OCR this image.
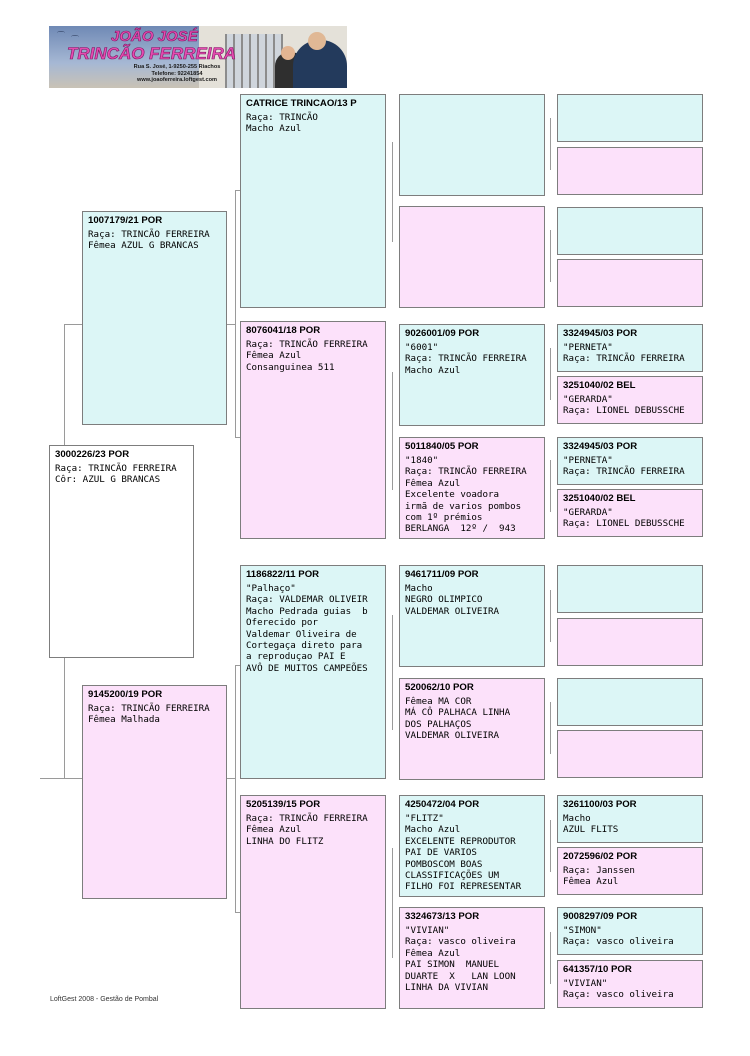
⌒ ⌒ JOÃO JOSÉ
TRINCÃO FERREIRA
Rua S. José, 1-9250-255 Riachos
Telefone: 92241854
www.joaoferreira.loftgest.com
3000226/23 POR
Raça: TRINCÃO FERREIRA
Côr: AZUL G BRANCAS
1007179/21 POR
Raça: TRINCÃO FERREIRA
Fêmea AZUL G BRANCAS
9145200/19 POR
Raça: TRINCÃO FERREIRA
Fêmea Malhada
CATRICE TRINCAO/13 P
Raça: TRINCÃO
Macho Azul
8076041/18 POR
Raça: TRINCÃO FERREIRA
Fêmea Azul
Consanguinea 511
1186822/11 POR
"Palhaço"
Raça: VALDEMAR OLIVEIR
Macho Pedrada guias  b
Oferecido por
Valdemar Oliveira de
Cortegaça direto para
a reproduçao PAI E
AVÔ DE MUITOS CAMPEÕES
5205139/15 POR
Raça: TRINCÃO FERREIRA
Fêmea Azul
LINHA DO FLITZ
9026001/09 POR
"6001"
Raça: TRINCÃO FERREIRA
Macho Azul
5011840/05 POR
"1840"
Raça: TRINCÃO FERREIRA
Fêmea Azul
Excelente voadora
irmã de varios pombos
com 1º prémios
BERLANGA  12º /  943
9461711/09 POR
Macho
NEGRO OLIMPICO
VALDEMAR OLIVEIRA
520062/10 POR
Fêmea MA COR
MÁ CÔ PALHACA LINHA
DOS PALHAÇOS
VALDEMAR OLIVEIRA
4250472/04 POR
"FLITZ"
Macho Azul
EXCELENTE REPRODUTOR
PAI DE VARIOS
POMBOSCOM BOAS
CLASSIFICAÇÕES UM
FILHO FOI REPRESENTAR
3324673/13 POR
"VIVIAN"
Raça: vasco oliveira
Fêmea Azul
PAI SIMON  MANUEL
DUARTE  X   LAN LOON
LINHA DA VIVIAN
3324945/03 POR
"PERNETA"
Raça: TRINCÃO FERREIRA
3251040/02 BEL
"GERARDA"
Raça: LIONEL DEBUSSCHE
3324945/03 POR
"PERNETA"
Raça: TRINCÃO FERREIRA
3251040/02 BEL
"GERARDA"
Raça: LIONEL DEBUSSCHE
3261100/03 POR
Macho
AZUL FLITS
2072596/02 POR
Raça: Janssen
Fêmea Azul
9008297/09 POR
"SIMON"
Raça: vasco oliveira
641357/10 POR
"VIVIAN"
Raça: vasco oliveira
LoftGest 2008 - Gestão de Pombal
